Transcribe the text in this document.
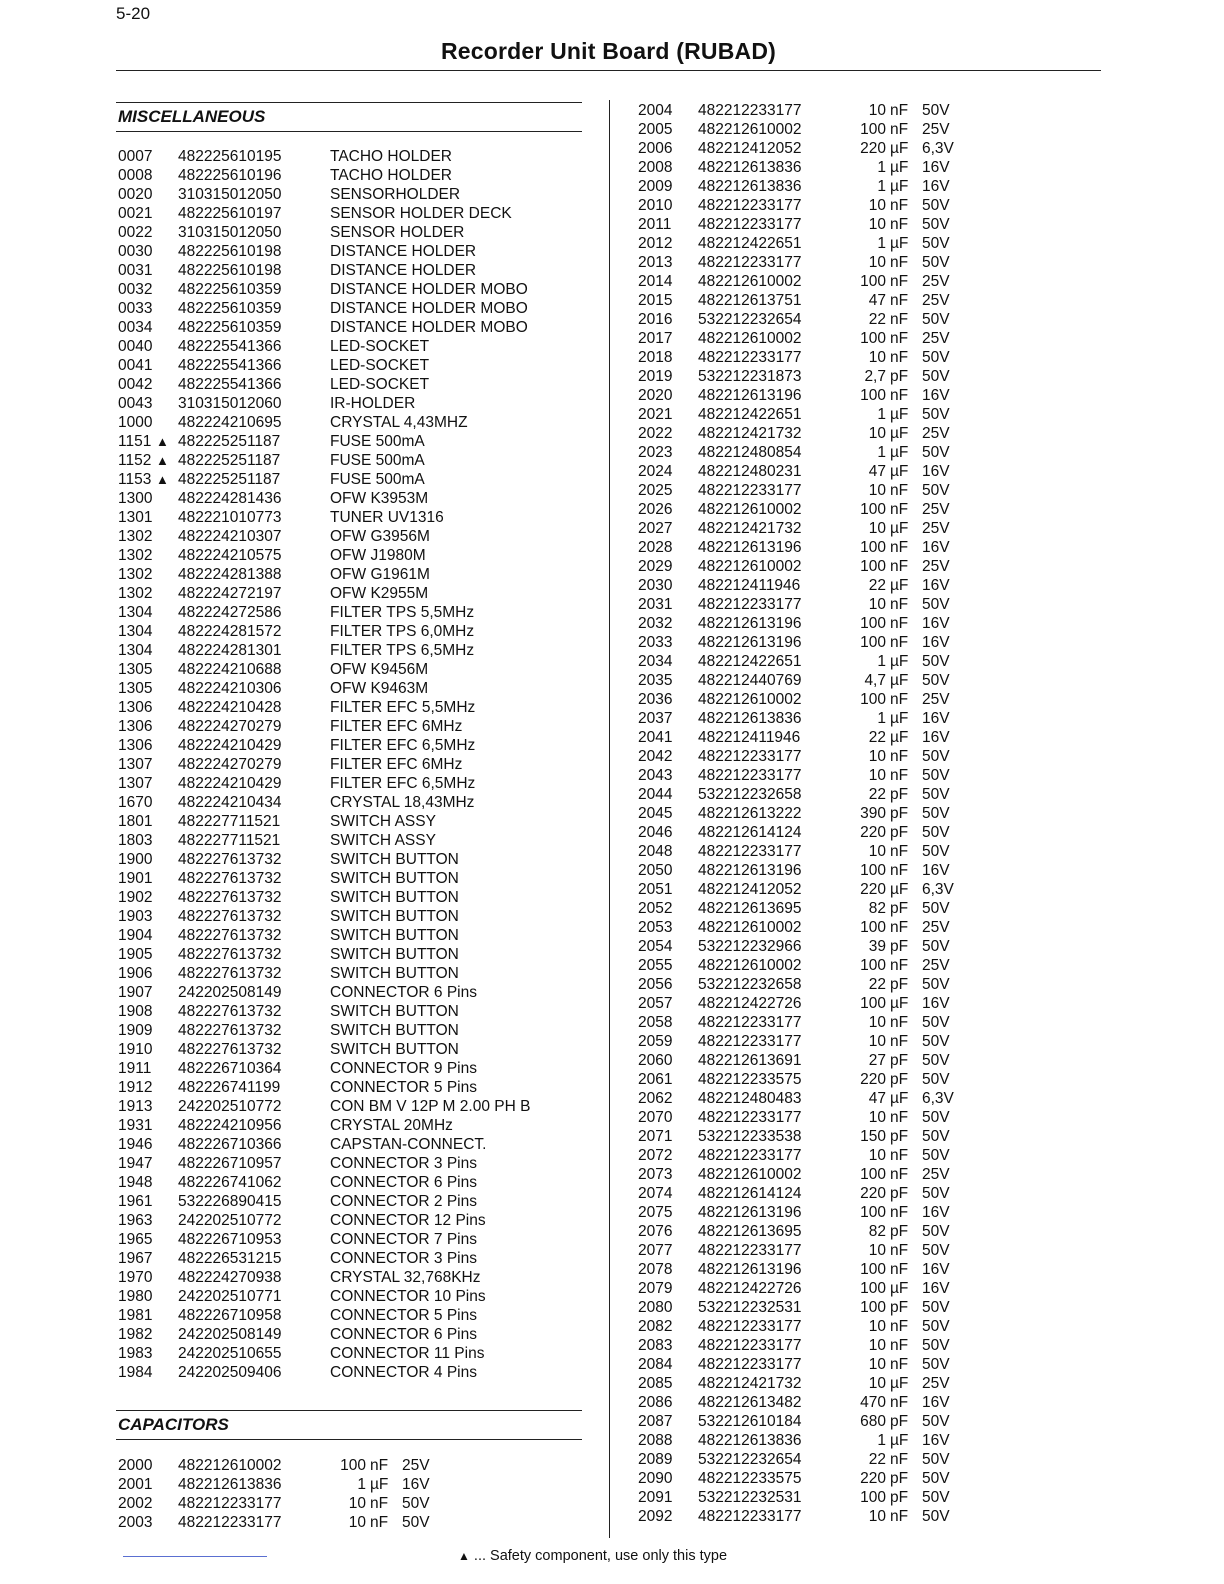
5-20
Recorder Unit Board (RUBAD)
MISCELLANEOUS
0007	482225610195	TACHO HOLDER
0008	482225610196	TACHO HOLDER
0020	310315012050	SENSORHOLDER
0021	482225610197	SENSOR HOLDER DECK
0022	310315012050	SENSOR HOLDER
0030	482225610198	DISTANCE HOLDER
0031	482225610198	DISTANCE HOLDER
0032	482225610359	DISTANCE HOLDER MOBO
0033	482225610359	DISTANCE HOLDER MOBO
0034	482225610359	DISTANCE HOLDER MOBO
0040	482225541366	LED-SOCKET
0041	482225541366	LED-SOCKET
0042	482225541366	LED-SOCKET
0043	310315012060	IR-HOLDER
1000	482224210695	CRYSTAL 4,43MHZ
1151 ▲ 482225251187	FUSE 500mA
1152 ▲ 482225251187	FUSE 500mA
1153 ▲ 482225251187	FUSE 500mA
1300	482224281436	OFW K3953M
1301	482221010773	TUNER UV1316
1302	482224210307	OFW G3956M
1302	482224210575	OFW J1980M
1302	482224281388	OFW G1961M
1302	482224272197	OFW K2955M
1304	482224272586	FILTER TPS 5,5MHz
1304	482224281572	FILTER TPS 6,0MHz
1304	482224281301	FILTER TPS 6,5MHz
1305	482224210688	OFW K9456M
1305	482224210306	OFW K9463M
1306	482224210428	FILTER EFC 5,5MHz
1306	482224270279	FILTER EFC 6MHz
1306	482224210429	FILTER EFC 6,5MHz
1307	482224270279	FILTER EFC 6MHz
1307	482224210429	FILTER EFC 6,5MHz
1670	482224210434	CRYSTAL 18,43MHz
1801	482227711521	SWITCH ASSY
1803	482227711521	SWITCH ASSY
1900	482227613732	SWITCH BUTTON
1901	482227613732	SWITCH BUTTON
1902	482227613732	SWITCH BUTTON
1903	482227613732	SWITCH BUTTON
1904	482227613732	SWITCH BUTTON
1905	482227613732	SWITCH BUTTON
1906	482227613732	SWITCH BUTTON
1907	242202508149	CONNECTOR 6 Pins
1908	482227613732	SWITCH BUTTON
1909	482227613732	SWITCH BUTTON
1910	482227613732	SWITCH BUTTON
1911	482226710364	CONNECTOR 9 Pins
1912	482226741199	CONNECTOR 5 Pins
1913	242202510772	CON BM V 12P M 2.00 PH B
1931	482224210956	CRYSTAL 20MHz
1946	482226710366	CAPSTAN-CONNECT.
1947	482226710957	CONNECTOR 3 Pins
1948	482226741062	CONNECTOR 6 Pins
1961	532226890415	CONNECTOR 2 Pins
1963	242202510772	CONNECTOR 12 Pins
1965	482226710953	CONNECTOR 7 Pins
1967	482226531215	CONNECTOR 3 Pins
1970	482224270938	CRYSTAL 32,768KHz
1980	242202510771	CONNECTOR 10 Pins
1981	482226710958	CONNECTOR 5 Pins
1982	242202508149	CONNECTOR 6 Pins
1983	242202510655	CONNECTOR 11 Pins
1984	242202509406	CONNECTOR 4 Pins
CAPACITORS
2000	482212610002	100 nF 25V
2001	482212613836	1 µF 16V
2002	482212233177	10 nF 50V
2003	482212233177	10 nF 50V
2004	482212233177	10 nF 50V
2005	482212610002	100 nF 25V
2006	482212412052	220 µF 6,3V
2008	482212613836	1 µF 16V
2009	482212613836	1 µF 16V
2010	482212233177	10 nF 50V
2011	482212233177	10 nF 50V
2012	482212422651	1 µF 50V
2013	482212233177	10 nF 50V
2014	482212610002	100 nF 25V
2015	482212613751	47 nF 25V
2016	532212232654	22 nF 50V
2017	482212610002	100 nF 25V
2018	482212233177	10 nF 50V
2019	532212231873	2,7 pF 50V
2020	482212613196	100 nF 16V
2021	482212422651	1 µF 50V
2022	482212421732	10 µF 25V
2023	482212480854	1 µF 50V
2024	482212480231	47 µF 16V
2025	482212233177	10 nF 50V
2026	482212610002	100 nF 25V
2027	482212421732	10 µF 25V
2028	482212613196	100 nF 16V
2029	482212610002	100 nF 25V
2030	482212411946	22 µF 16V
2031	482212233177	10 nF 50V
2032	482212613196	100 nF 16V
2033	482212613196	100 nF 16V
2034	482212422651	1 µF 50V
2035	482212440769	4,7 µF 50V
2036	482212610002	100 nF 25V
2037	482212613836	1 µF 16V
2041	482212411946	22 µF 16V
2042	482212233177	10 nF 50V
2043	482212233177	10 nF 50V
2044	532212232658	22 pF 50V
2045	482212613222	390 pF 50V
2046	482212614124	220 pF 50V
2048	482212233177	10 nF 50V
2050	482212613196	100 nF 16V
2051	482212412052	220 µF 6,3V
2052	482212613695	82 pF 50V
2053	482212610002	100 nF 25V
2054	532212232966	39 pF 50V
2055	482212610002	100 nF 25V
2056	532212232658	22 pF 50V
2057	482212422726	100 µF 16V
2058	482212233177	10 nF 50V
2059	482212233177	10 nF 50V
2060	482212613691	27 pF 50V
2061	482212233575	220 pF 50V
2062	482212480483	47 µF 6,3V
2070	482212233177	10 nF 50V
2071	532212233538	150 pF 50V
2072	482212233177	10 nF 50V
2073	482212610002	100 nF 25V
2074	482212614124	220 pF 50V
2075	482212613196	100 nF 16V
2076	482212613695	82 pF 50V
2077	482212233177	10 nF 50V
2078	482212613196	100 nF 16V
2079	482212422726	100 µF 16V
2080	532212232531	100 pF 50V
2082	482212233177	10 nF 50V
2083	482212233177	10 nF 50V
2084	482212233177	10 nF 50V
2085	482212421732	10 µF 25V
2086	482212613482	470 nF 16V
2087	532212610184	680 pF 50V
2088	482212613836	1 µF 16V
2089	532212232654	22 nF 50V
2090	482212233575	220 pF 50V
2091	532212232531	100 pF 50V
2092	482212233177	10 nF 50V
▲ ... Safety component, use only this type
